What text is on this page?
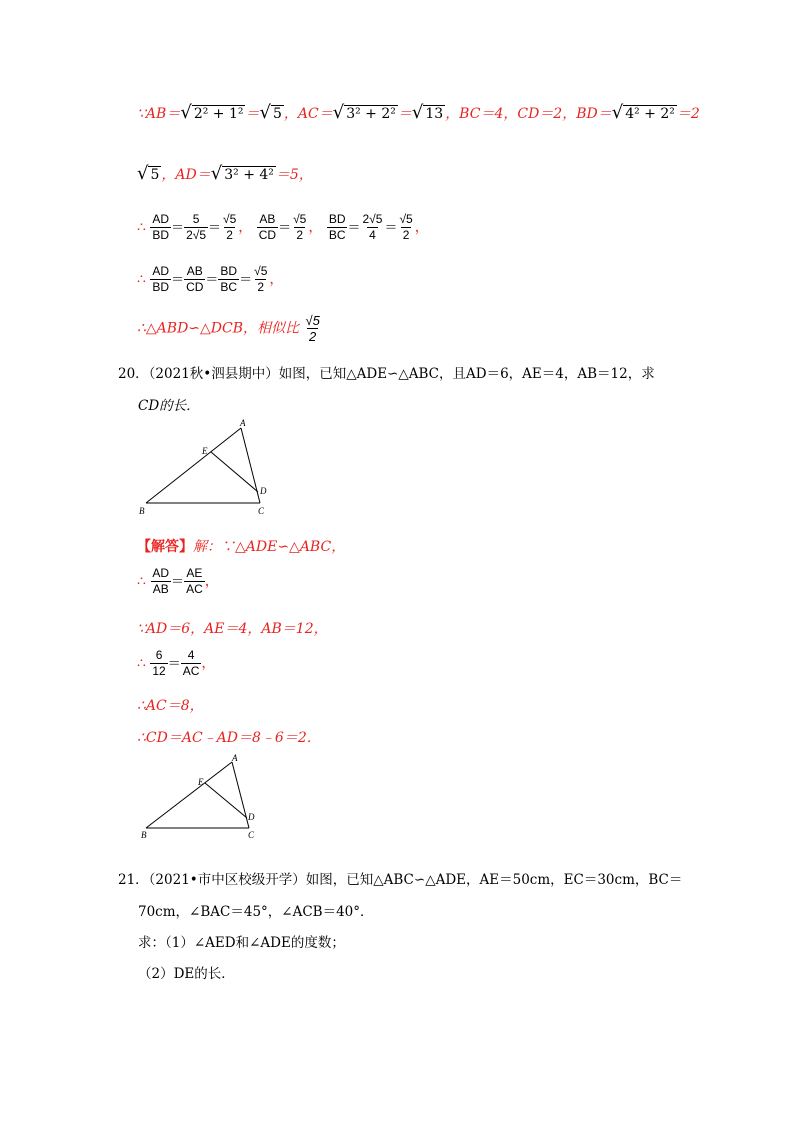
∵AB＝ √ 2² + 1² ＝ √ 5 ，AC＝ √ 3² + 2² ＝ √ 13 ，BC＝4，CD＝2，BD＝ √ 4² + 2² ＝2
√ 5 ，AD＝ √ 3² + 4² ＝5，
∴ $\frac{AD}{BD} = \frac{5}{2√5} = \frac{√5}{2}$ ， $\frac{AB}{CD} = \frac{√5}{2}$ ， $\frac{BD}{BC} = \frac{2√5}{4} = \frac{√5}{2}$ ，
∴ $\frac{AD}{BD} = \frac{AB}{CD} = \frac{BD}{BC} = \frac{√5}{2}$ ，
∴△ABD∽△DCB，相似比 $\frac{√5}{2}$
20．（2021秋•泗县期中）如图，已知△ADE∽△ABC，且AD＝6，AE＝4，AB＝12，求
CD的长．
A
E
D
B	C
【解答】解：∵△ADE∽△ABC，
∴ $\frac{AD}{AB} = \frac{AE}{AC}$ ，
∵AD＝6，AE＝4，AB＝12，
∴ $\frac{6}{12} = \frac{4}{AC}$ ，
∴AC＝8，
∴CD＝AC﹣AD＝8﹣6＝2．
A
E
D
B	C
21．（2021•市中区校级开学）如图，已知△ABC∽△ADE，AE＝50cm，EC＝30cm，BC＝
70cm，∠BAC＝45°，∠ACB＝40°．
求：（1）∠AED和∠ADE的度数；
（2）DE的长．
